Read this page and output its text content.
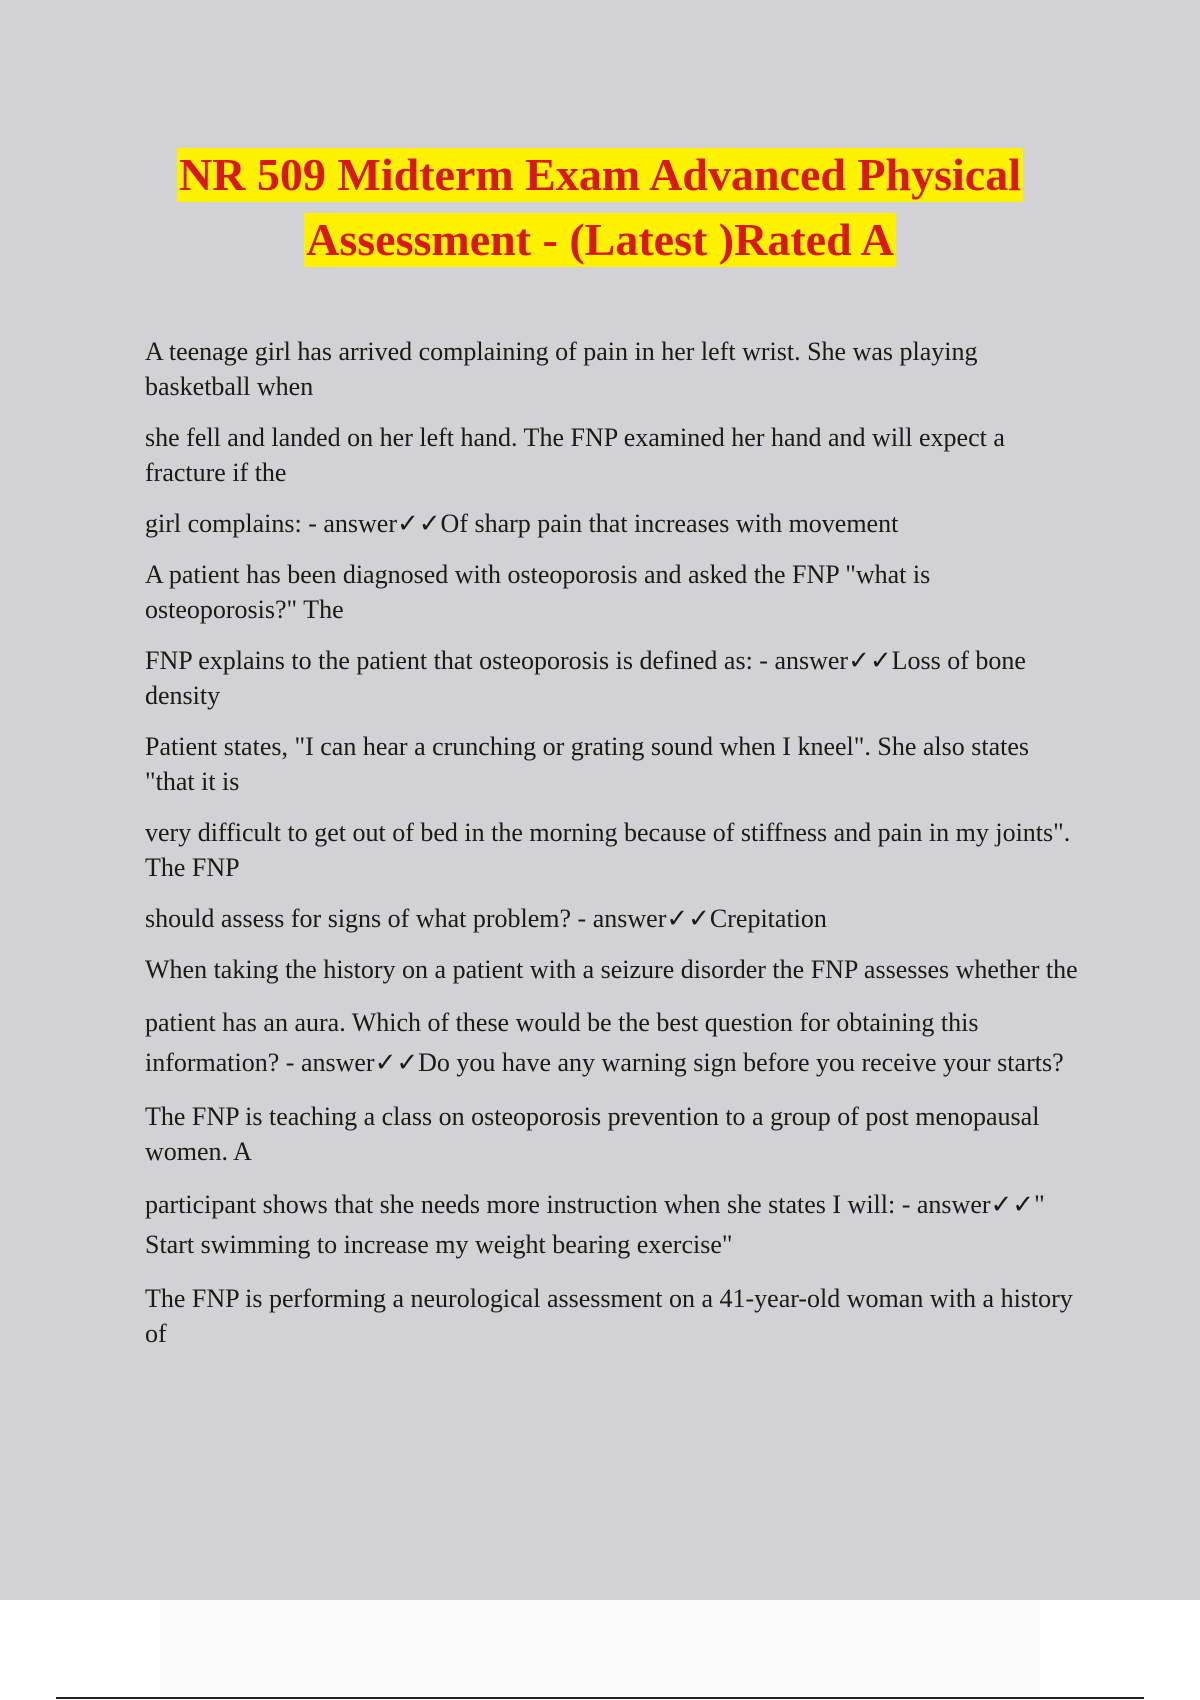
NR 509 Midterm Exam Advanced Physical
Assessment - (Latest )Rated A

A teenage girl has arrived complaining of pain in her left wrist. She was playing basketball when

she fell and landed on her left hand. The FNP examined her hand and will expect a fracture if the

girl complains: - answer✓✓Of sharp pain that increases with movement

A patient has been diagnosed with osteoporosis and asked the FNP "what is osteoporosis?" The

FNP explains to the patient that osteoporosis is defined as: - answer✓✓Loss of bone density

Patient states, "I can hear a crunching or grating sound when I kneel". She also states "that it is

very difficult to get out of bed in the morning because of stiffness and pain in my joints". The FNP

should assess for signs of what problem? - answer✓✓Crepitation

When taking the history on a patient with a seizure disorder the FNP assesses whether the

patient has an aura. Which of these would be the best question for obtaining this information? - answer✓✓Do you have any warning sign before you receive your starts?

The FNP is teaching a class on osteoporosis prevention to a group of post menopausal women. A

participant shows that she needs more instruction when she states I will: - answer✓✓" Start swimming to increase my weight bearing exercise"

The FNP is performing a neurological assessment on a 41-year-old woman with a history of
